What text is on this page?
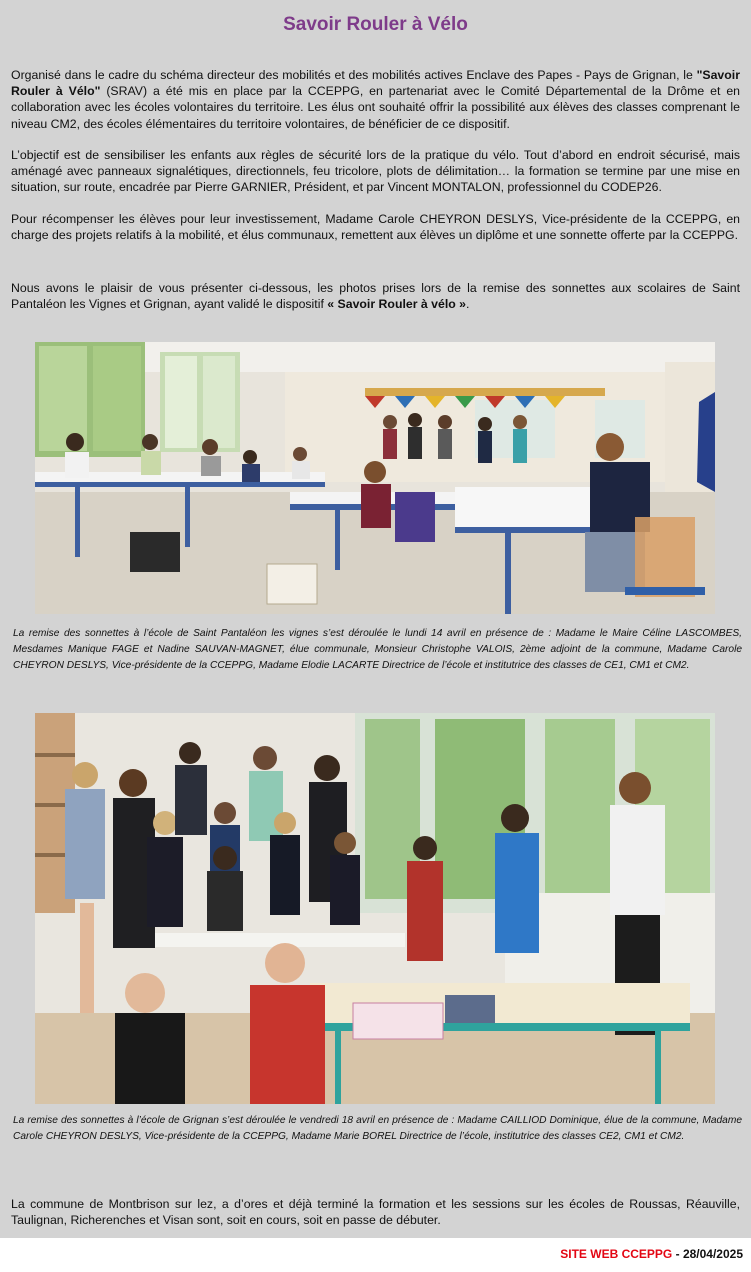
Savoir Rouler à Vélo
Organisé dans le cadre du schéma directeur des mobilités et des mobilités actives Enclave des Papes - Pays de Grignan, le "Savoir Rouler à Vélo" (SRAV) a été mis en place par la CCEPPG, en partenariat avec le Comité Départemental de la Drôme et en collaboration avec les écoles volontaires du territoire. Les élus ont souhaité offrir la possibilité aux élèves des classes comprenant le niveau CM2, des écoles élémentaires du territoire volontaires, de bénéficier de ce dispositif.
L’objectif est de sensibiliser les enfants aux règles de sécurité lors de la pratique du vélo. Tout d’abord en endroit sécurisé, mais aménagé avec panneaux signalétiques, directionnels, feu tricolore, plots de délimitation… la formation se termine par une mise en situation, sur route, encadrée par Pierre GARNIER, Président, et par Vincent MONTALON, professionnel du CODEP26.
Pour récompenser les élèves pour leur investissement, Madame Carole CHEYRON DESLYS, Vice-présidente de la CCEPPG, en charge des projets relatifs à la mobilité, et élus communaux, remettent aux élèves un diplôme et une sonnette offerte par la CCEPPG.
Nous avons le plaisir de vous présenter ci-dessous, les photos prises lors de la remise des sonnettes aux scolaires de Saint Pantaléon les Vignes et Grignan, ayant validé le dispositif « Savoir Rouler à vélo ».
La remise des sonnettes à l’école de Saint Pantaléon les vignes s’est déroulée le lundi 14 avril en présence de : Madame le Maire Céline LASCOMBES, Mesdames Manique FAGE et Nadine SAUVAN-MAGNET, élue communale, Monsieur Christophe VALOIS, 2ème adjoint de la commune, Madame Carole CHEYRON DESLYS, Vice-présidente de la CCEPPG, Madame Elodie LACARTE Directrice de l’école et institutrice des classes de CE1, CM1 et CM2.
La remise des sonnettes à l’école de Grignan s’est déroulée le vendredi 18 avril en présence de : Madame CAILLIOD Dominique, élue de la commune, Madame Carole CHEYRON DESLYS, Vice-présidente de la CCEPPG, Madame Marie BOREL Directrice de l’école, institutrice des classes CE2, CM1 et CM2.
La commune de Montbrison sur lez, a d’ores et déjà terminé la formation et les sessions sur les écoles de Roussas, Réauville, Taulignan, Richerenches et Visan sont, soit en cours, soit en passe de débuter.
SITE WEB CCEPPG - 28/04/2025
